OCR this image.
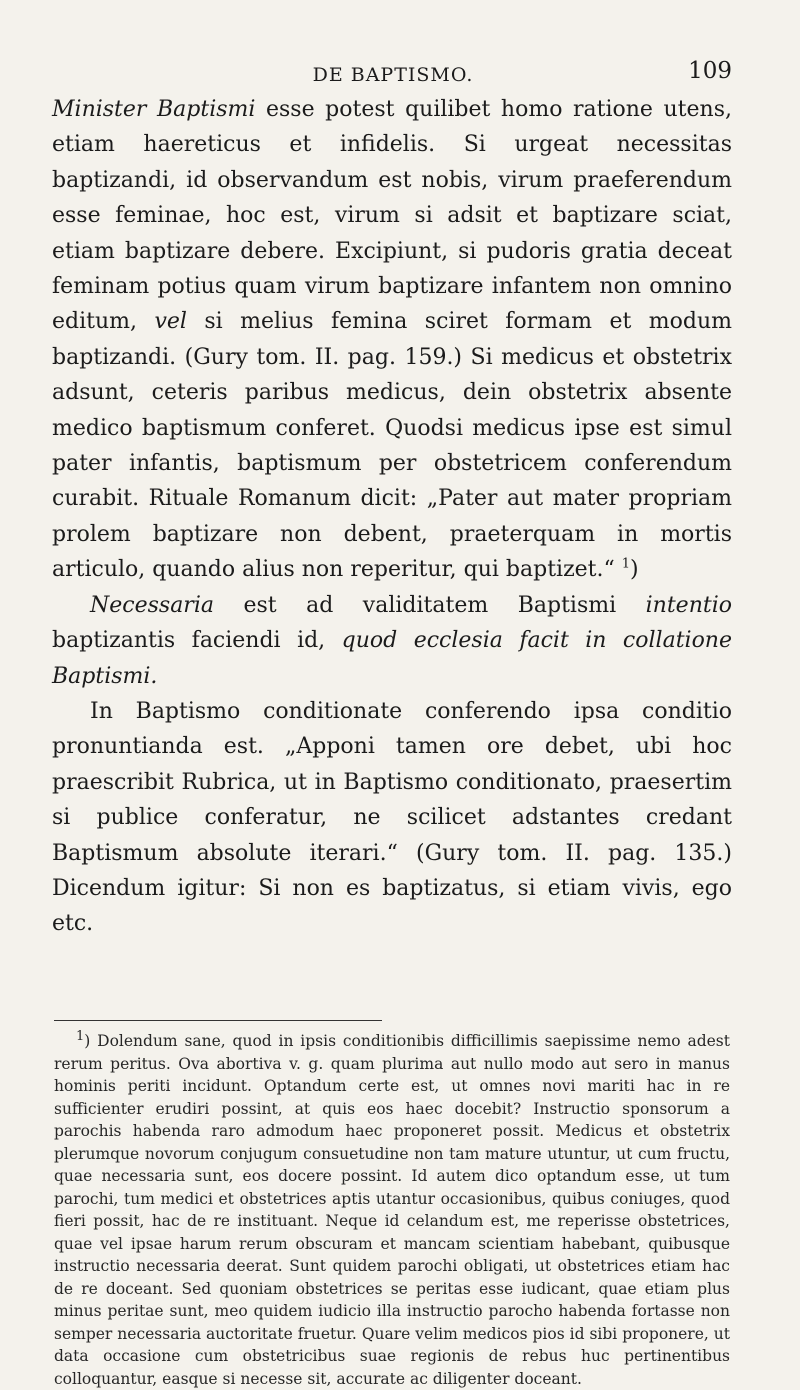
DE BAPTISMO.	109

Minister Baptismi esse potest quilibet homo ratione utens, etiam haereticus et infidelis. Si urgeat necessitas baptizandi, id observandum est nobis, virum praeferendum esse feminae, hoc est, virum si adsit et baptizare sciat, etiam baptizare debere. Excipiunt, si pudoris gratia deceat feminam potius quam virum baptizare infantem non omnino editum, vel si melius femina sciret formam et modum baptizandi. (Gury tom. II. pag. 159.) Si medicus et obstetrix adsunt, ceteris paribus medicus, dein obstetrix absente medico baptismum conferet. Quodsi medicus ipse est simul pater infantis, baptismum per obstetricem conferendum curabit. Rituale Romanum dicit: „Pater aut mater propriam prolem baptizare non debent, praeterquam in mortis articulo, quando alius non reperitur, qui baptizet.“ $^1$)

Necessaria est ad validitatem Baptismi intentio baptizantis faciendi id, quod ecclesia facit in collatione Baptismi.

In Baptismo conditionate conferendo ipsa conditio pronuntianda est. „Apponi tamen ore debet, ubi hoc praescribit Rubrica, ut in Baptismo conditionato, praesertim si publice conferatur, ne scilicet adstantes credant Baptismum absolute iterari.“ (Gury tom. II. pag. 135.) Dicendum igitur: Si non es baptizatus, si etiam vivis, ego etc.

$^1$) Dolendum sane, quod in ipsis conditionibis difficillimis saepissime nemo adest rerum peritus. Ova abortiva v. g. quam plurima aut nullo modo aut sero in manus hominis periti incidunt. Optandum certe est, ut omnes novi mariti hac in re sufficienter erudiri possint, at quis eos haec docebit? Instructio sponsorum a parochis habenda raro admodum haec proponeret possit. Medicus et obstetrix plerumque novorum conjugum consuetudine non tam mature utuntur, ut cum fructu, quae necessaria sunt, eos docere possint. Id autem dico optandum esse, ut tum parochi, tum medici et obstetrices aptis utantur occasionibus, quibus coniuges, quod fieri possit, hac de re instituant. Neque id celandum est, me reperisse obstetrices, quae vel ipsae harum rerum obscuram et mancam scientiam habebant, quibusque instructio necessaria deerat. Sunt quidem parochi obligati, ut obstetrices etiam hac de re doceant. Sed quoniam obstetrices se peritas esse iudicant, quae etiam plus minus peritae sunt, meo quidem iudicio illa instructio parocho habenda fortasse non semper necessaria auctoritate fruetur. Quare velim medicos pios id sibi proponere, ut data occasione cum obstetricibus suae regionis de rebus huc pertinentibus colloquantur, easque si necesse sit, accurate ac diligenter doceant.
